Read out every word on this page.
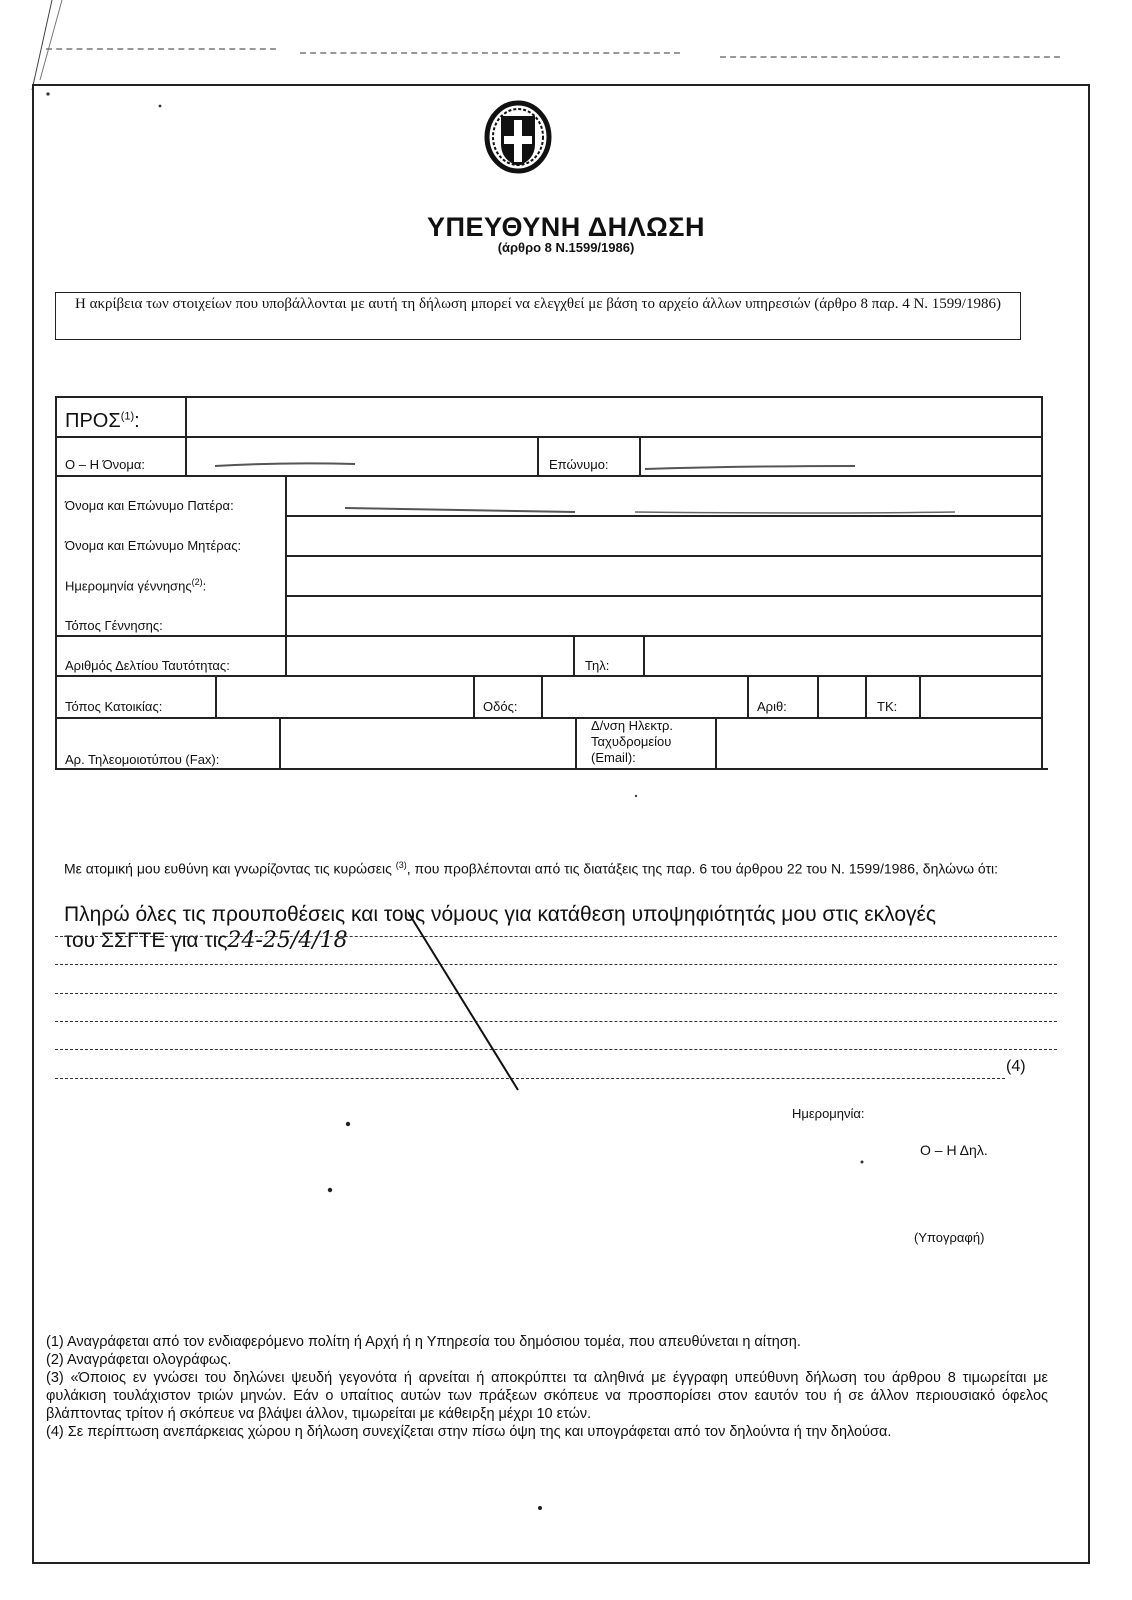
ΥΠΕΥΘΥΝΗ ΔΗΛΩΣΗ
(άρθρο 8 Ν.1599/1986)
Η ακρίβεια των στοιχείων που υποβάλλονται με αυτή τη δήλωση μπορεί να ελεγχθεί με βάση το αρχείο άλλων υπηρεσιών (άρθρο 8 παρ. 4 Ν. 1599/1986)
ΠΡΟΣ$^{(1)}$:
Ο – Η Όνομα:	Επώνυμο:
Όνομα και Επώνυμο Πατέρα:
Όνομα και Επώνυμο Μητέρας:
Ημερομηνία γέννησης$^{(2)}$:
Τόπος Γέννησης:
Αριθμός Δελτίου Ταυτότητας:	Τηλ:
Τόπος Κατοικίας:	Οδός:	Αριθ:	ΤΚ:
Αρ. Τηλεομοιοτύπου (Fax):
Δ/νση Ηλεκτρ.
Ταχυδρομείου
(Email):
Με ατομική μου ευθύνη και γνωρίζοντας τις κυρώσεις $^{(3)}$, που προβλέπονται από τις διατάξεις της παρ. 6 του άρθρου 22 του Ν. 1599/1986, δηλώνω ότι:
Πληρώ όλες τις προυποθέσεις και τους νόμους για κατάθεση υποψηφιότητάς μου στις εκλογές
του ΣΣΓΤΕ για τις24-25/4/18
(4)
Ημερομηνία:
Ο – Η Δηλ.
(Υπογραφή)

(1) Αναγράφεται από τον ενδιαφερόμενο πολίτη ή Αρχή ή η Υπηρεσία του δημόσιου τομέα, που απευθύνεται η αίτηση.

(2) Αναγράφεται ολογράφως.

(3) «Όποιος εν γνώσει του δηλώνει ψευδή γεγονότα ή αρνείται ή αποκρύπτει τα αληθινά με έγγραφη υπεύθυνη δήλωση του άρθρου 8 τιμωρείται με φυλάκιση τουλάχιστον τριών μηνών. Εάν ο υπαίτιος αυτών των πράξεων σκόπευε να προσπορίσει στον εαυτόν του ή σε άλλον περιουσιακό όφελος βλάπτοντας τρίτον ή σκόπευε να βλάψει άλλον, τιμωρείται με κάθειρξη μέχρι 10 ετών.

(4) Σε περίπτωση ανεπάρκειας χώρου η δήλωση συνεχίζεται στην πίσω όψη της και υπογράφεται από τον δηλούντα ή την δηλούσα.
